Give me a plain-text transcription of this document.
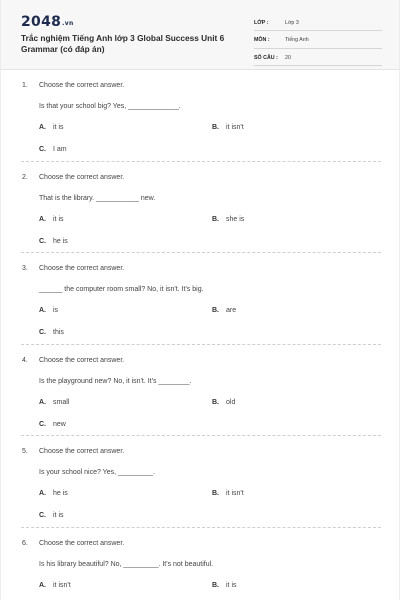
2048.vn
Trắc nghiệm Tiếng Anh lớp 3 Global Success Unit 6 Grammar (có đáp án)
LỚP :	Lớp 3
MÔN :	Tiếng Anh
SỐ CÂU :	20
1. Choose the correct answer.
Is that your school big? Yes, _____________.
A. it is	B. it isn't
C. I am
2. Choose the correct answer.
That is the library. ___________ new.
A. it is	B. she is
C. he is
3. Choose the correct answer.
______ the computer room small? No, it isn't. It's big.
A. is	B. are
C. this
4. Choose the correct answer.
Is the playground new? No, it isn't. It's ________.
A. small	B. old
C. new
5. Choose the correct answer.
Is your school nice? Yes, _________.
A. he is	B. it isn't
C. it is
6. Choose the correct answer.
Is his library beautiful? No, _________. It's not beautiful.
A. it isn't	B. it is
